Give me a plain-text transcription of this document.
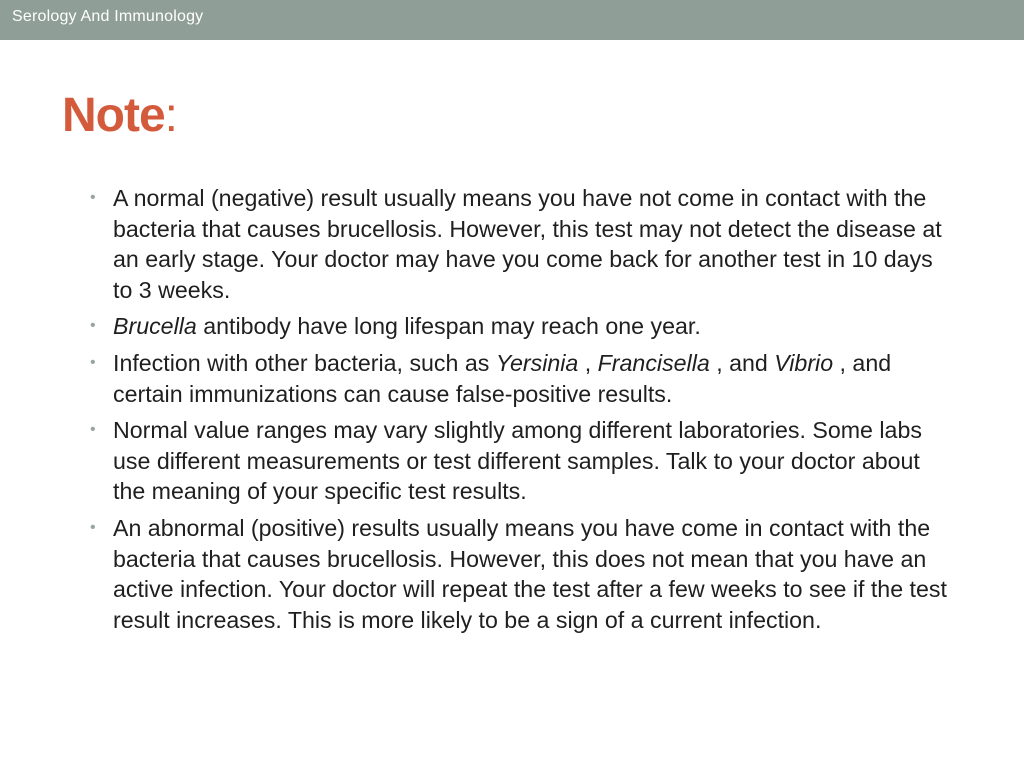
Serology And Immunology
Note:
• A normal (negative) result usually means you have not come in contact with the bacteria that causes brucellosis. However, this test may not detect the disease at an early stage. Your doctor may have you come back for another test in 10 days to 3 weeks.
• Brucella antibody have long lifespan may reach one year.
• Infection with other bacteria, such as Yersinia , Francisella , and Vibrio , and certain immunizations can cause false-positive results.
• Normal value ranges may vary slightly among different laboratories. Some labs use different measurements or test different samples. Talk to your doctor about the meaning of your specific test results.
• An abnormal (positive) results usually means you have come in contact with the bacteria that causes brucellosis. However, this does not mean that you have an active infection. Your doctor will repeat the test after a few weeks to see if the test result increases. This is more likely to be a sign of a current infection.
